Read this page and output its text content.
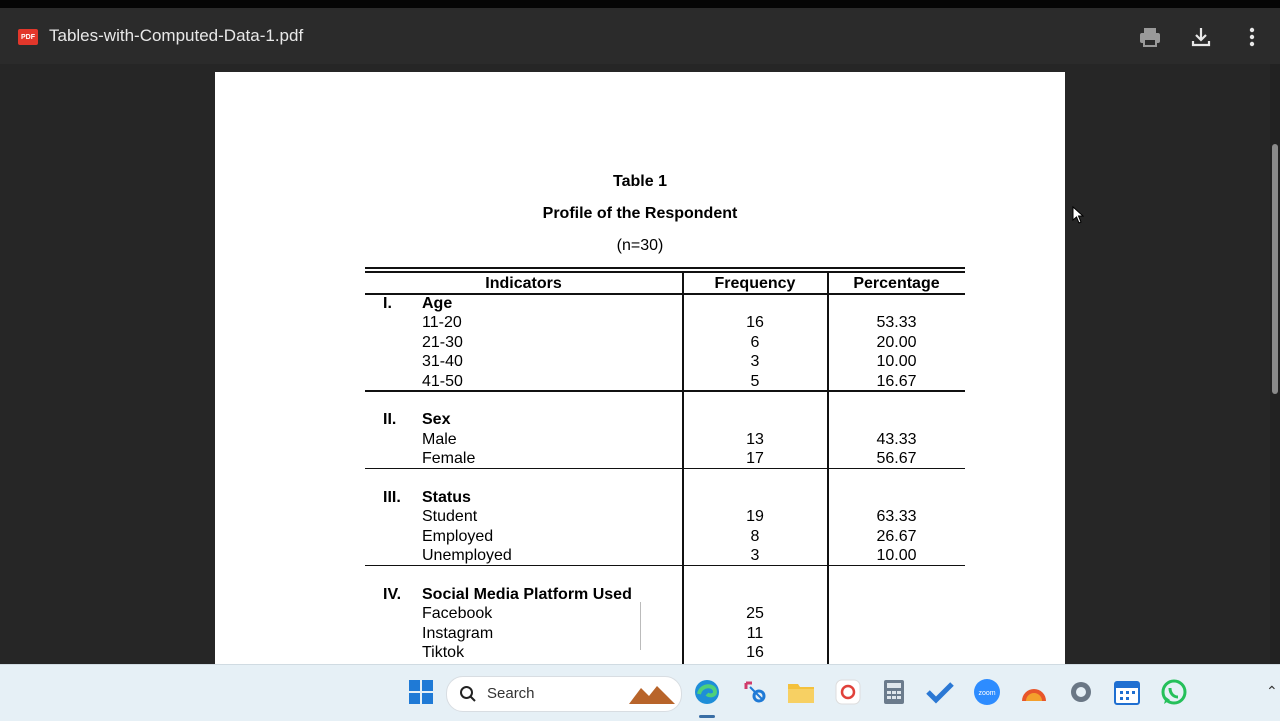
PDF Tables-with-Computed-Data-1.pdf
Table 1
Profile of the Respondent
(n=30)
Indicators	Frequency	Percentage
I. Age
11-20	16	53.33
21-30	6	20.00
31-40	3	10.00
41-50	5	16.67
II. Sex
Male	13	43.33
Female	17	56.67
III. Status
Student	19	63.33
Employed	8	26.67
Unemployed	3	10.00
IV. Social Media Platform Used
Facebook	25
Instagram	11
Tiktok	16
Search	zoom	⌃
